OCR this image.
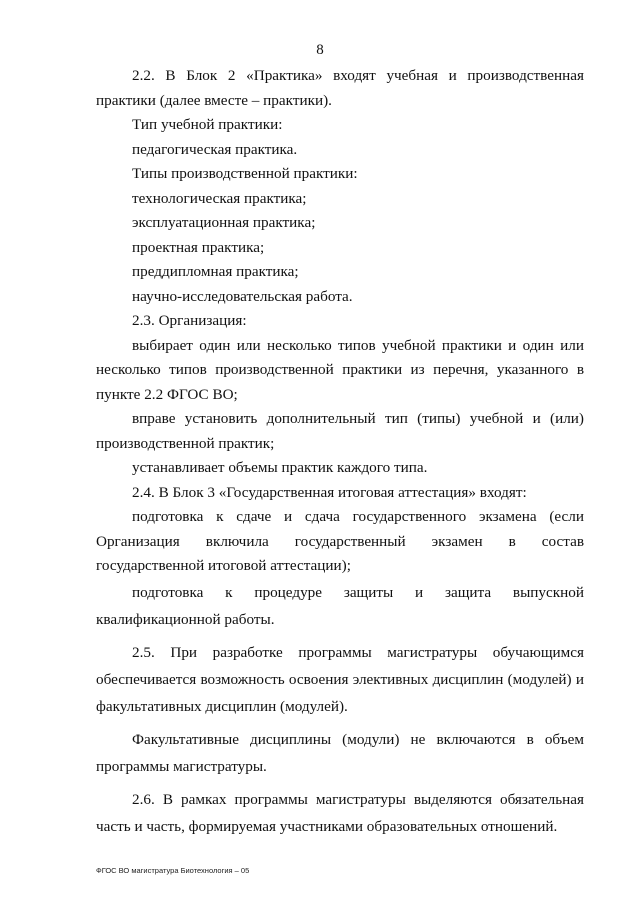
8

2.2. В Блок 2 «Практика» входят учебная и производственная практики (далее вместе – практики).

Тип учебной практики:

педагогическая практика.

Типы производственной практики:

технологическая практика;

эксплуатационная практика;

проектная практика;

преддипломная практика;

научно-исследовательская работа.

2.3. Организация:

выбирает один или несколько типов учебной практики и один или несколько типов производственной практики из перечня, указанного в пункте 2.2 ФГОС ВО;

вправе установить дополнительный тип (типы) учебной и (или) производственной практик;

устанавливает объемы практик каждого типа.

2.4. В Блок 3 «Государственная итоговая аттестация» входят:

подготовка к сдаче и сдача государственного экзамена (если Организация включила государственный экзамен в состав государственной итоговой аттестации);

подготовка к процедуре защиты и защита выпускной квалификационной работы.

2.5. При разработке программы магистратуры обучающимся обеспечивается возможность освоения элективных дисциплин (модулей) и факультативных дисциплин (модулей).

Факультативные дисциплины (модули) не включаются в объем программы магистратуры.

2.6. В рамках программы магистратуры выделяются обязательная часть и часть, формируемая участниками образовательных отношений.

ФГОС ВО магистратура Биотехнология – 05
